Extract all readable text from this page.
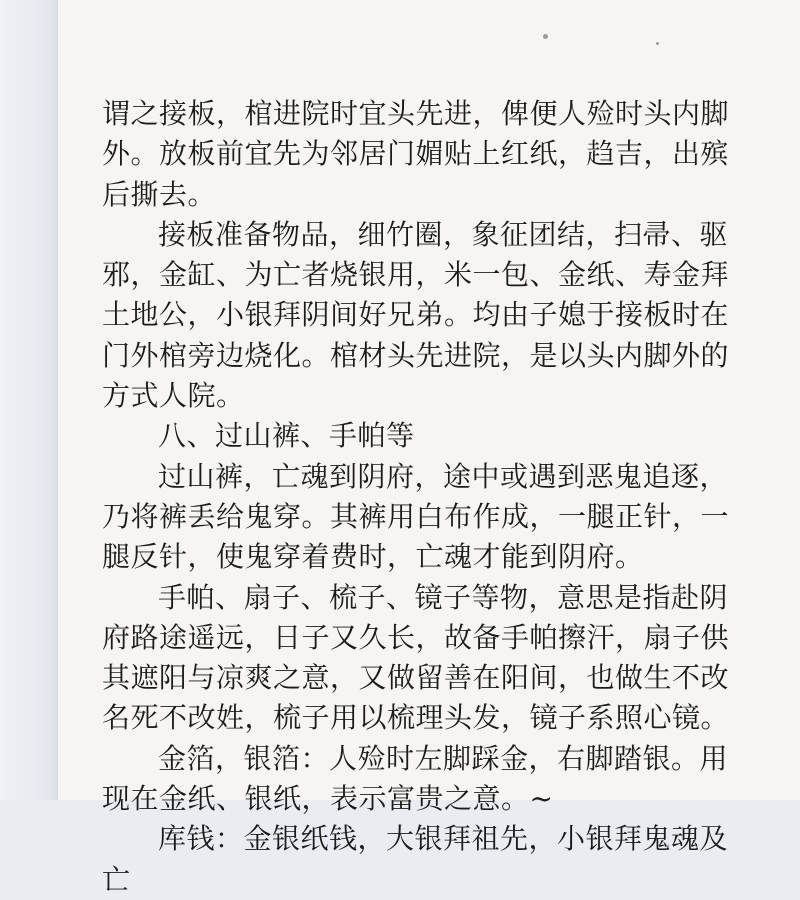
谓之接板，棺进院时宜头先进，俾便人殓时头内脚外。放板前宜先为邻居门媚贴上红纸，趋吉，出殡后撕去。

接板准备物品，细竹圈，象征团结，扫帚、驱邪，金缸、为亡者烧银用，米一包、金纸、寿金拜土地公，小银拜阴间好兄弟。均由子媳于接板时在门外棺旁边烧化。棺材头先进院，是以头内脚外的方式人院。

八、过山裤、手帕等

过山裤，亡魂到阴府，途中或遇到恶鬼追逐，乃将裤丢给鬼穿。其裤用白布作成，一腿正针，一腿反针，使鬼穿着费时，亡魂才能到阴府。

手帕、扇子、梳子、镜子等物，意思是指赴阴府路途遥远，日子又久长，故备手帕擦汗，扇子供其遮阳与凉爽之意，又做留善在阳间，也做生不改名死不改姓，梳子用以梳理头发，镜子系照心镜。

金箔，银箔：人殓时左脚踩金，右脚踏银。用现在金纸、银纸，表示富贵之意。~

库钱：金银纸钱，大银拜祖先，小银拜鬼魂及亡
